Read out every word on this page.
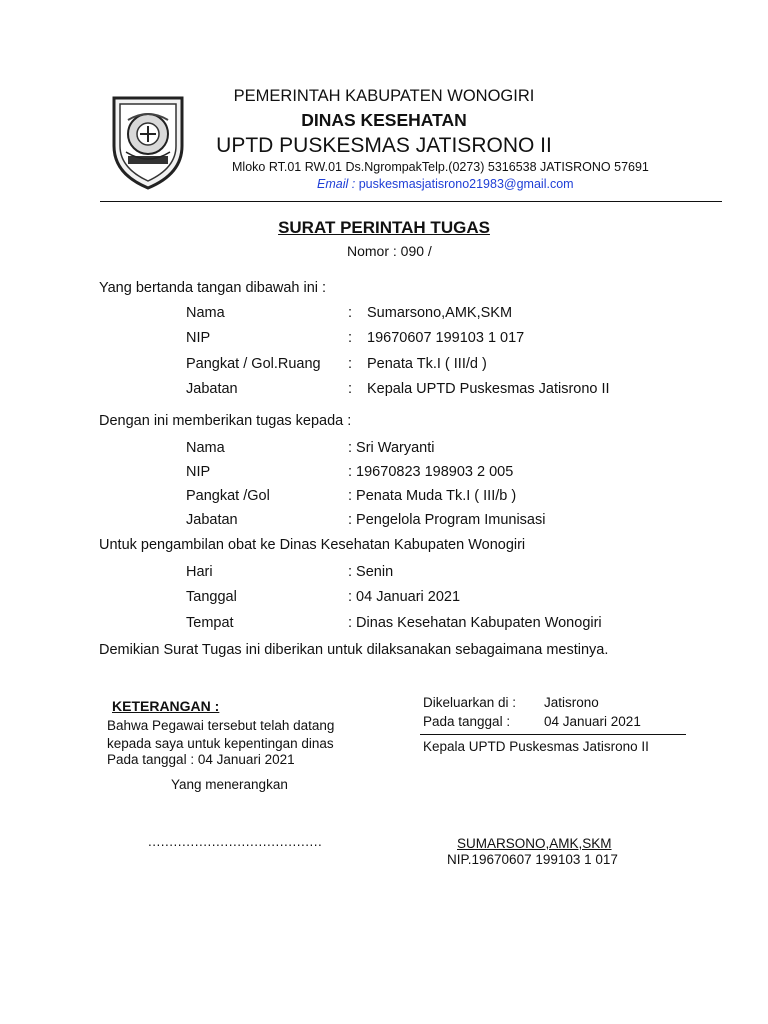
PEMERINTAH KABUPATEN WONOGIRI
DINAS KESEHATAN
UPTD PUSKESMAS JATISRONO II
Mloko RT.01 RW.01 Ds.NgrompakTelp.(0273) 5316538 JATISRONO 57691
Email : puskesmasjatisrono21983@gmail.com
SURAT PERINTAH TUGAS
Nomor : 090 /
Yang bertanda tangan dibawah ini :
Nama	: Sumarsono,AMK,SKM
NIP	: 19670607 199103 1 017
Pangkat / Gol.Ruang : Penata Tk.I ( III/d )
Jabatan	: Kepala UPTD Puskesmas Jatisrono II
Dengan ini memberikan tugas kepada :
Nama	: Sri Waryanti
NIP	: 19670823 198903 2 005
Pangkat /Gol	: Penata Muda Tk.I ( III/b )
Jabatan	: Pengelola Program Imunisasi
Untuk pengambilan obat ke Dinas Kesehatan Kabupaten Wonogiri
Hari	: Senin
Tanggal	: 04 Januari 2021
Tempat	: Dinas Kesehatan Kabupaten Wonogiri
Demikian Surat Tugas ini diberikan untuk dilaksanakan sebagaimana mestinya.
KETERANGAN :
Bahwa Pegawai tersebut telah datang
kepada saya untuk kepentingan dinas
Pada tanggal : 04 Januari 2021
Yang menerangkan
.........................................
Dikeluarkan di : Jatisrono
Pada tanggal :	04 Januari 2021
Kepala UPTD Puskesmas Jatisrono II
SUMARSONO,AMK,SKM
NIP.19670607 199103 1 017
